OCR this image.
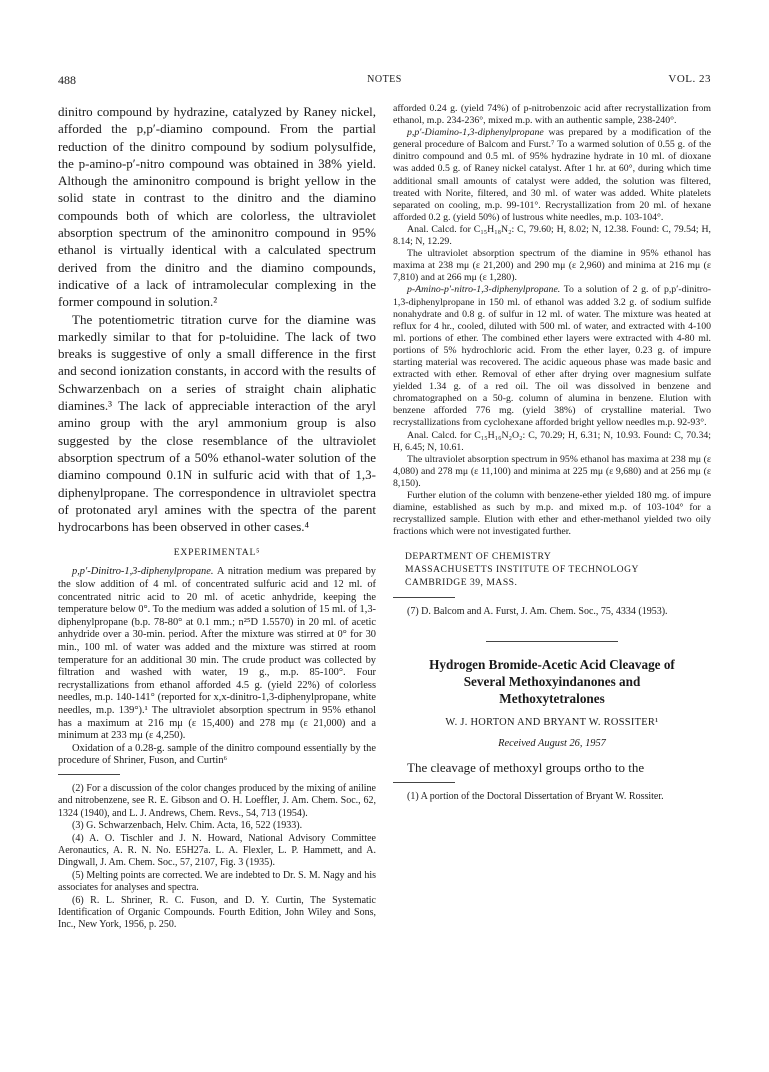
488	NOTES	VOL. 23

dinitro compound by hydrazine, catalyzed by Raney nickel, afforded the p,p′-diamino compound. From the partial reduction of the dinitro compound by sodium polysulfide, the p-amino-p′-nitro compound was obtained in 38% yield. Although the aminonitro compound is bright yellow in the solid state in contrast to the dinitro and the diamino compounds both of which are colorless, the ultraviolet absorption spectrum of the aminonitro compound in 95% ethanol is virtually identical with a calculated spectrum derived from the dinitro and the diamino compounds, indicative of a lack of intramolecular complexing in the former compound in solution.²

The potentiometric titration curve for the diamine was markedly similar to that for p-toluidine. The lack of two breaks is suggestive of only a small difference in the first and second ionization constants, in accord with the results of Schwarzenbach on a series of straight chain aliphatic diamines.³ The lack of appreciable interaction of the aryl amino group with the aryl ammonium group is also suggested by the close resemblance of the ultraviolet absorption spectrum of a 50% ethanol-water solution of the diamino compound 0.1N in sulfuric acid with that of 1,3-diphenylpropane. The correspondence in ultraviolet spectra of protonated aryl amines with the spectra of the parent hydrocarbons has been observed in other cases.⁴

EXPERIMENTAL⁵

p,p′-Dinitro-1,3-diphenylpropane. A nitration medium was prepared by the slow addition of 4 ml. of concentrated sulfuric acid and 12 ml. of concentrated nitric acid to 20 ml. of acetic anhydride, keeping the temperature below 0°. To the medium was added a solution of 15 ml. of 1,3-diphenylpropane (b.p. 78-80° at 0.1 mm.; n²⁵D 1.5570) in 20 ml. of acetic anhydride over a 30-min. period. After the mixture was stirred at 0° for 30 min., 100 ml. of water was added and the mixture was stirred at room temperature for an additional 30 min. The crude product was collected by filtration and washed with water, 19 g., m.p. 85-100°. Four recrystallizations from ethanol afforded 4.5 g. (yield 22%) of colorless needles, m.p. 140-141° (reported for x,x-dinitro-1,3-diphenylpropane, white needles, m.p. 139°).¹ The ultraviolet absorption spectrum in 95% ethanol has a maximum at 216 mμ (ε 15,400) and 278 mμ (ε 21,000) and a minimum at 233 mμ (ε 4,250).

Oxidation of a 0.28-g. sample of the dinitro compound essentially by the procedure of Shriner, Fuson, and Curtin⁶

(2) For a discussion of the color changes produced by the mixing of aniline and nitrobenzene, see R. E. Gibson and O. H. Loeffler, J. Am. Chem. Soc., 62, 1324 (1940), and L. J. Andrews, Chem. Revs., 54, 713 (1954).

(3) G. Schwarzenbach, Helv. Chim. Acta, 16, 522 (1933).

(4) A. O. Tischler and J. N. Howard, National Advisory Committee Aeronautics, A. R. N. No. E5H27a. L. A. Flexler, L. P. Hammett, and A. Dingwall, J. Am. Chem. Soc., 57, 2107, Fig. 3 (1935).

(5) Melting points are corrected. We are indebted to Dr. S. M. Nagy and his associates for analyses and spectra.

(6) R. L. Shriner, R. C. Fuson, and D. Y. Curtin, The Systematic Identification of Organic Compounds. Fourth Edition, John Wiley and Sons, Inc., New York, 1956, p. 250.

afforded 0.24 g. (yield 74%) of p-nitrobenzoic acid after recrystallization from ethanol, m.p. 234-236°, mixed m.p. with an authentic sample, 238-240°.

p,p′-Diamino-1,3-diphenylpropane was prepared by a modification of the general procedure of Balcom and Furst.⁷ To a warmed solution of 0.55 g. of the dinitro compound and 0.5 ml. of 95% hydrazine hydrate in 10 ml. of dioxane was added 0.5 g. of Raney nickel catalyst. After 1 hr. at 60°, during which time additional small amounts of catalyst were added, the solution was filtered, treated with Norite, filtered, and 30 ml. of water was added. White platelets separated on cooling, m.p. 99-101°. Recrystallization from 20 ml. of hexane afforded 0.2 g. (yield 50%) of lustrous white needles, m.p. 103-104°.

Anal. Calcd. for C₁₅H₁₈N₂: C, 79.60; H, 8.02; N, 12.38. Found: C, 79.54; H, 8.14; N, 12.29.

The ultraviolet absorption spectrum of the diamine in 95% ethanol has maxima at 238 mμ (ε 21,200) and 290 mμ (ε 2,960) and minima at 216 mμ (ε 7,810) and at 266 mμ (ε 1,280).

p-Amino-p′-nitro-1,3-diphenylpropane. To a solution of 2 g. of p,p′-dinitro-1,3-diphenylpropane in 150 ml. of ethanol was added 3.2 g. of sodium sulfide nonahydrate and 0.8 g. of sulfur in 12 ml. of water. The mixture was heated at reflux for 4 hr., cooled, diluted with 500 ml. of water, and extracted with 4-100 ml. portions of ether. The combined ether layers were extracted with 4-80 ml. portions of 5% hydrochloric acid. From the ether layer, 0.23 g. of impure starting material was recovered. The acidic aqueous phase was made basic and extracted with ether. Removal of ether after drying over magnesium sulfate yielded 1.34 g. of a red oil. The oil was dissolved in benzene and chromatographed on a 50-g. column of alumina in benzene. Elution with benzene afforded 776 mg. (yield 38%) of crystalline material. Two recrystallizations from cyclohexane afforded bright yellow needles m.p. 92-93°.

Anal. Calcd. for C₁₅H₁₆N₂O₂: C, 70.29; H, 6.31; N, 10.93. Found: C, 70.34; H, 6.45; N, 10.61.

The ultraviolet absorption spectrum in 95% ethanol has maxima at 238 mμ (ε 4,080) and 278 mμ (ε 11,100) and minima at 225 mμ (ε 9,680) and at 256 mμ (ε 8,150).

Further elution of the column with benzene-ether yielded 180 mg. of impure diamine, established as such by m.p. and mixed m.p. of 103-104° for a recrystallized sample. Elution with ether and ether-methanol yielded two oily fractions which were not investigated further.

DEPARTMENT OF CHEMISTRY
MASSACHUSETTS INSTITUTE OF TECHNOLOGY
CAMBRIDGE 39, MASS.

(7) D. Balcom and A. Furst, J. Am. Chem. Soc., 75, 4334 (1953).

Hydrogen Bromide-Acetic Acid Cleavage of
Several Methoxyindanones and
Methoxytetralones
W. J. HORTON AND BRYANT W. ROSSITER¹
Received August 26, 1957

The cleavage of methoxyl groups ortho to the

(1) A portion of the Doctoral Dissertation of Bryant W. Rossiter.
